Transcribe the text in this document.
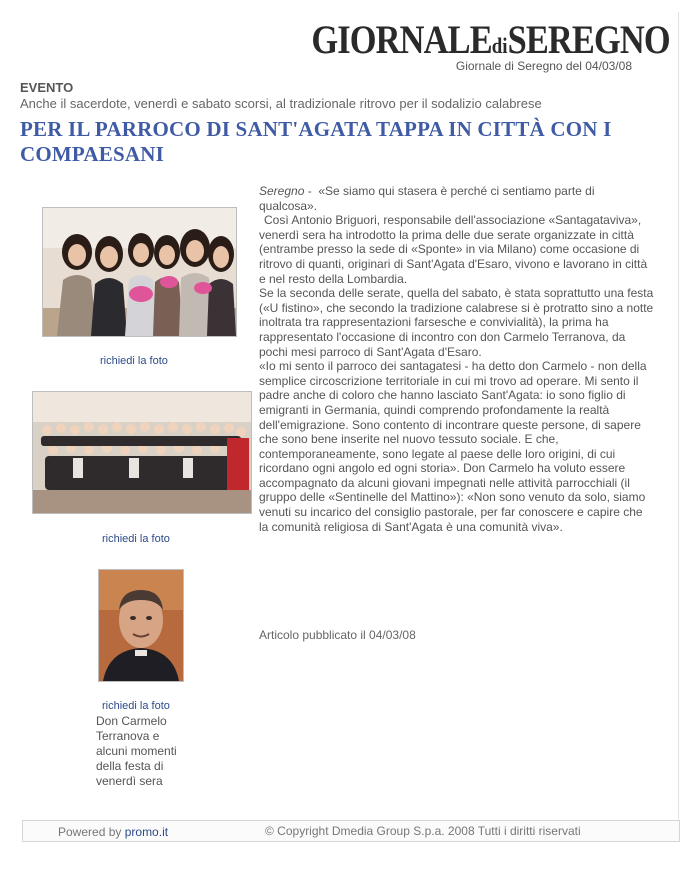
GIORNALEdiSEREGNO
Giornale di Seregno del 04/03/08
EVENTO
Anche il sacerdote, venerdì e sabato scorsi, al tradizionale ritrovo per il sodalizio calabrese
PER IL PARROCO DI SANT'AGATA TAPPA IN CITTÀ CON I COMPAESANI
richiedi la foto
richiedi la foto
richiedi la foto
Don Carmelo Terranova e alcuni momenti della festa di venerdì sera

Seregno -  «Se siamo qui stasera è perché ci sentiamo parte di qualcosa».

Così Antonio Briguori, responsabile dell'associazione «Santagataviva», venerdì sera ha introdotto la prima delle due serate organizzate in città (entrambe presso la sede di «Sponte» in via Milano) come occasione di ritrovo di quanti, originari di Sant'Agata d'Esaro, vivono e lavorano in città e nel resto della Lombardia.

Se la seconda delle serate, quella del sabato, è stata soprattutto una festa («U fistino», che secondo la tradizione calabrese si è protratto sino a notte inoltrata tra rappresentazioni farsesche e convivialità), la prima ha rappresentato l'occasione di incontro con don Carmelo Terranova, da pochi mesi parroco di Sant'Agata d'Esaro.

«Io mi sento il parroco dei santagatesi - ha detto don Carmelo - non della semplice circoscrizione territoriale in cui mi trovo ad operare. Mi sento il padre anche di coloro che hanno lasciato Sant'Agata: io sono figlio di emigranti in Germania, quindi comprendo profondamente la realtà dell'emigrazione. Sono contento di incontrare queste persone, di sapere che sono bene inserite nel nuovo tessuto sociale. E che, contemporaneamente, sono legate al paese delle loro origini, di cui ricordano ogni angolo ed ogni storia». Don Carmelo ha voluto essere accompagnato da alcuni giovani impegnati nelle attività parrocchiali (il gruppo delle «Sentinelle del Mattino»): «Non sono venuto da solo, siamo venuti su incarico del consiglio pastorale, per far conoscere e capire che la comunità religiosa di Sant'Agata è una comunità viva».

Articolo pubblicato il 04/03/08
Powered by promo.it	© Copyright Dmedia Group S.p.a. 2008 Tutti i diritti riservati
